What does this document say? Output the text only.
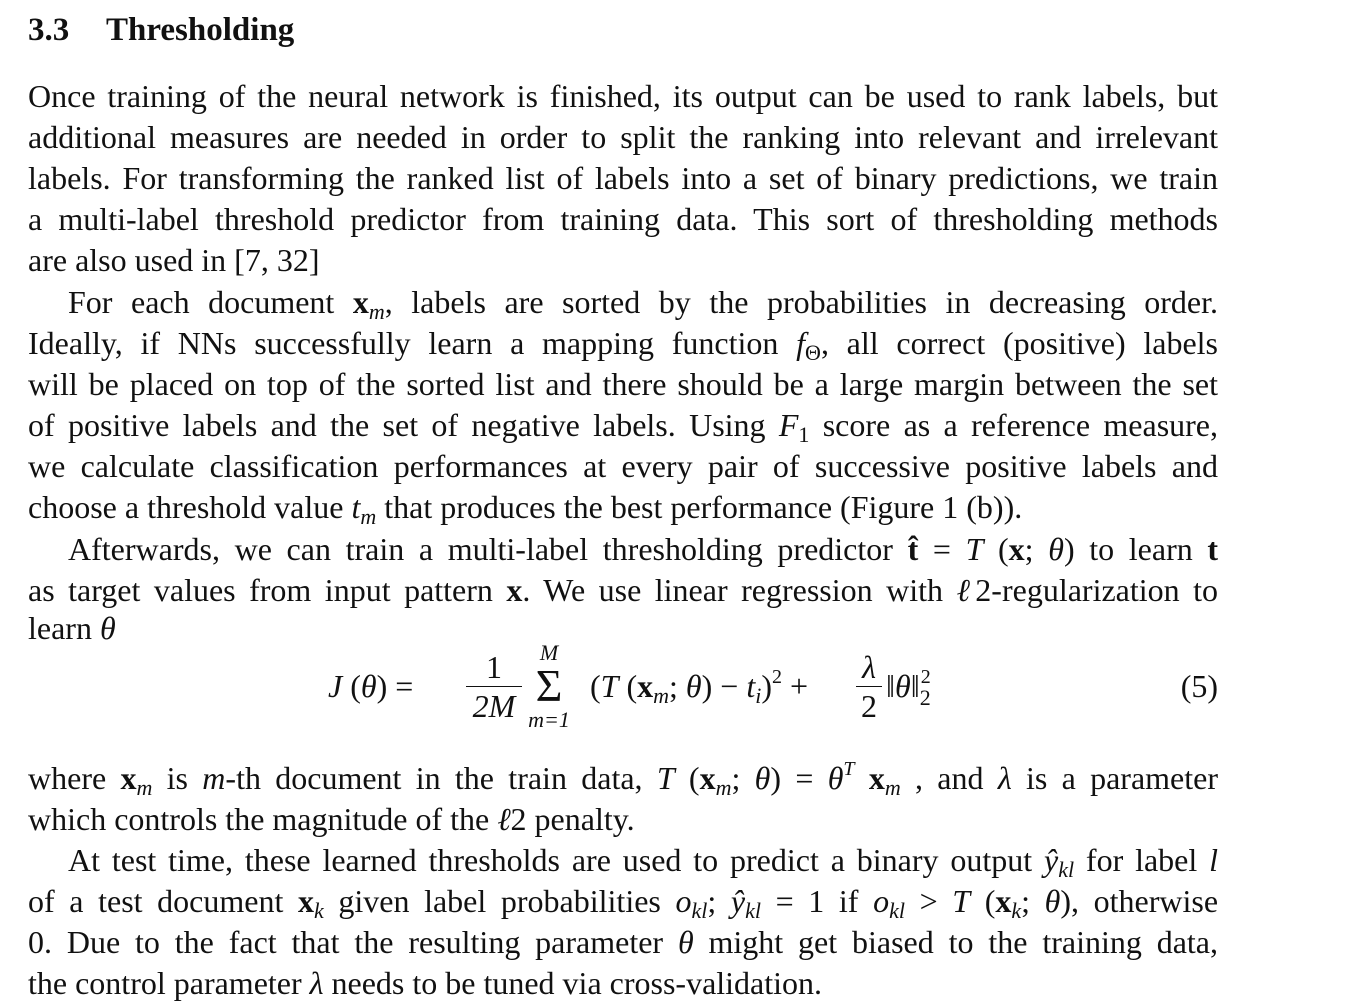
3.3 Thresholding
Once training of the neural network is finished, its output can be used to rank labels, but
additional measures are needed in order to split the ranking into relevant and irrelevant
labels. For transforming the ranked list of labels into a set of binary predictions, we train
a multi-label threshold predictor from training data. This sort of thresholding methods
are also used in [7, 32]
For each document $x_m$, labels are sorted by the probabilities in decreasing order.
Ideally, if NNs successfully learn a mapping function $f_\Theta$, all correct (positive) labels
will be placed on top of the sorted list and there should be a large margin between the set
of positive labels and the set of negative labels. Using $F_1$ score as a reference measure,
we calculate classification performances at every pair of successive positive labels and
choose a threshold value $t_m$ that produces the best performance (Figure 1 (b)).
Afterwards, we can train a multi-label thresholding predictor t̂ = T (x; θ) to learn t
as target values from input pattern x. We use linear regression with ℓ2-regularization to
learn θ
J (θ) =
1
2M
M
Σ
m=1
(T ($x_m$; $\theta) - t_i)^2$ +
λ
2
$‖\theta‖_2^2$	(5)
where $x_m$ is m-th document in the train data, T ($x_m$; $\theta) = \theta^T$ $x_m$ , and λ is a parameter
which controls the magnitude of the ℓ2 penalty.
At test time, these learned thresholds are used to predict a binary output $ŷ_{kl}$ for label l
of a test document $x_k$ given label probabilities $o_{kl}$; $ŷ_{kl} = 1$ if $o_{kl} > T$ ($x_k$; θ), otherwise
0. Due to the fact that the resulting parameter θ might get biased to the training data,
the control parameter λ needs to be tuned via cross-validation.
